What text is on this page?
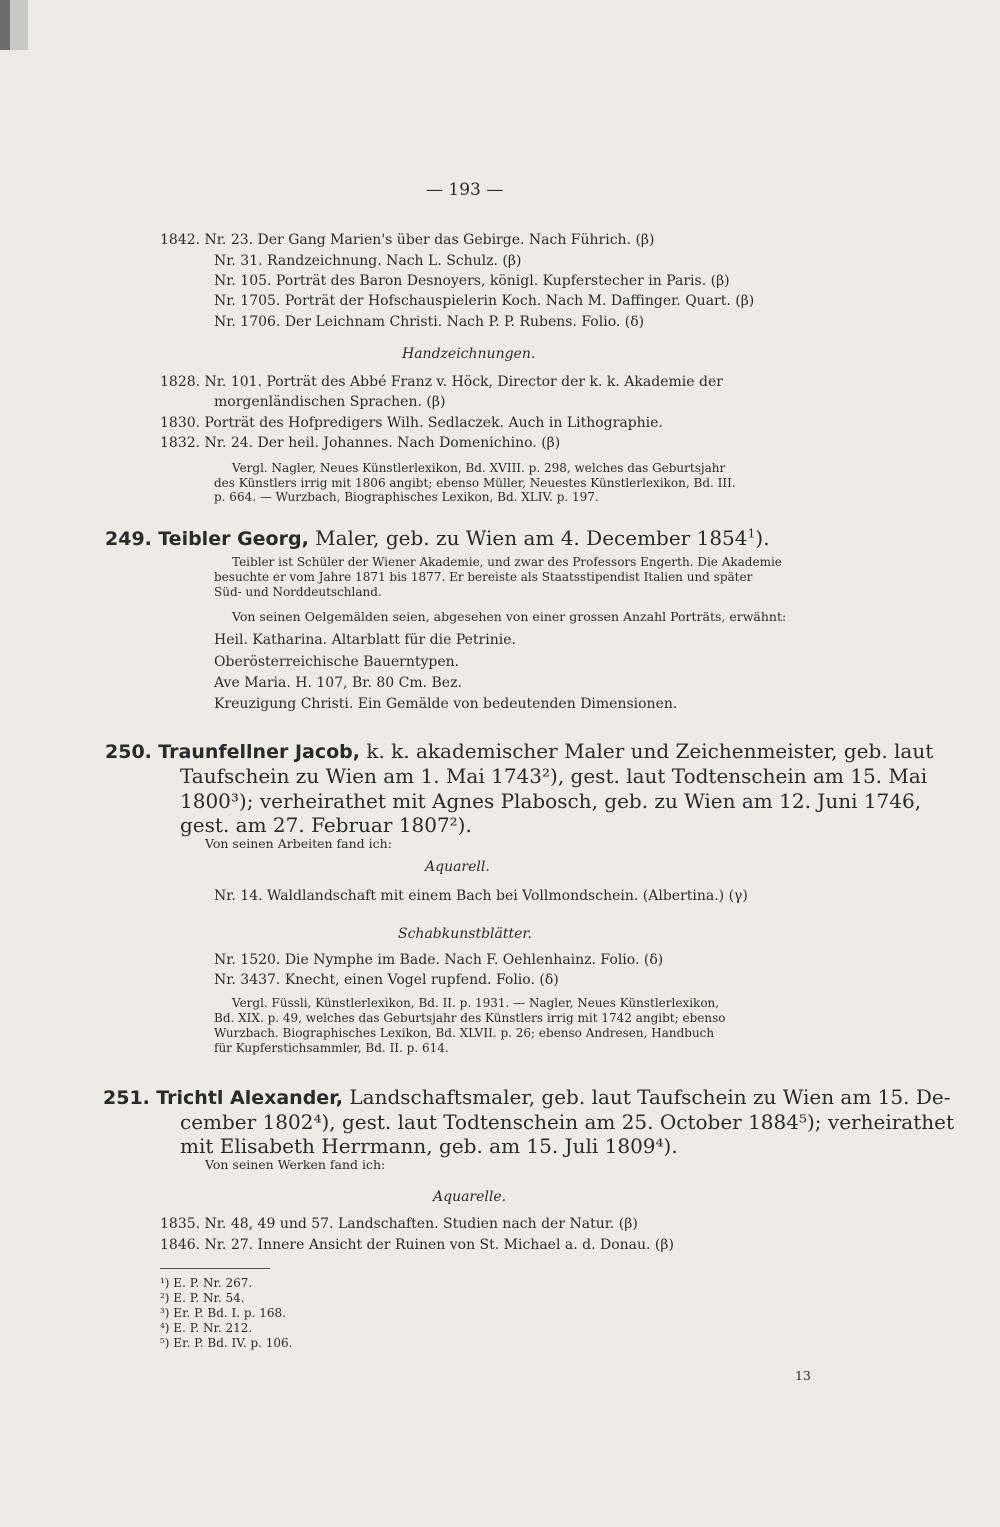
— 193 —
1842. Nr. 23. Der Gang Marien's über das Gebirge. Nach Führich. (β)
Nr. 31. Randzeichnung. Nach L. Schulz. (β)
Nr. 105. Porträt des Baron Desnoyers, königl. Kupferstecher in Paris. (β)
Nr. 1705. Porträt der Hofschauspielerin Koch. Nach M. Daffinger. Quart. (β)
Nr. 1706. Der Leichnam Christi. Nach P. P. Rubens. Folio. (δ)
Handzeichnungen.
1828. Nr. 101. Porträt des Abbé Franz v. Höck, Director der k. k. Akademie der
morgenländischen Sprachen. (β)
1830. Porträt des Hofpredigers Wilh. Sedlaczek. Auch in Lithographie.
1832. Nr. 24. Der heil. Johannes. Nach Domenichino. (β)
Vergl. Nagler, Neues Künstlerlexikon, Bd. XVIII. p. 298, welches das Geburtsjahr
des Künstlers irrig mit 1806 angibt; ebenso Müller, Neuestes Künstlerlexikon, Bd. III.
p. 664. — Wurzbach, Biographisches Lexikon, Bd. XLIV. p. 197.
249. Teibler Georg, Maler, geb. zu Wien am 4. December 1854$^1$).
Teibler ist Schüler der Wiener Akademie, und zwar des Professors Engerth. Die Akademie
besuchte er vom Jahre 1871 bis 1877. Er bereiste als Staatsstipendist Italien und später
Süd- und Norddeutschland.
Von seinen Oelgemälden seien, abgesehen von einer grossen Anzahl Porträts, erwähnt:
Heil. Katharina. Altarblatt für die Petrinie.
Oberösterreichische Bauerntypen.
Ave Maria. H. 107, Br. 80 Cm. Bez.
Kreuzigung Christi. Ein Gemälde von bedeutenden Dimensionen.
250. Traunfellner Jacob, k. k. akademischer Maler und Zeichenmeister, geb. laut
Taufschein zu Wien am 1. Mai 1743²), gest. laut Todtenschein am 15. Mai
1800³); verheirathet mit Agnes Plabosch, geb. zu Wien am 12. Juni 1746,
gest. am 27. Februar 1807²).
Von seinen Arbeiten fand ich:
Aquarell.
Nr. 14. Waldlandschaft mit einem Bach bei Vollmondschein. (Albertina.) (γ)
Schabkunstblätter.
Nr. 1520. Die Nymphe im Bade. Nach F. Oehlenhainz. Folio. (δ)
Nr. 3437. Knecht, einen Vogel rupfend. Folio. (δ)
Vergl. Füssli, Künstlerlexikon, Bd. II. p. 1931. — Nagler, Neues Künstlerlexikon,
Bd. XIX. p. 49, welches das Geburtsjahr des Künstlers irrig mit 1742 angibt; ebenso
Wurzbach. Biographisches Lexikon, Bd. XLVII. p. 26; ebenso Andresen, Handbuch
für Kupferstichsammler, Bd. II. p. 614.
251. Trichtl Alexander, Landschaftsmaler, geb. laut Taufschein zu Wien am 15. De-
cember 1802⁴), gest. laut Todtenschein am 25. October 1884⁵); verheirathet
mit Elisabeth Herrmann, geb. am 15. Juli 1809⁴).
Von seinen Werken fand ich:
Aquarelle.
1835. Nr. 48, 49 und 57. Landschaften. Studien nach der Natur. (β)
1846. Nr. 27. Innere Ansicht der Ruinen von St. Michael a. d. Donau. (β)
¹) E. P. Nr. 267.
²) E. P. Nr. 54.
³) Er. P. Bd. I. p. 168.
⁴) E. P. Nr. 212.
⁵) Er. P. Bd. IV. p. 106.
13
